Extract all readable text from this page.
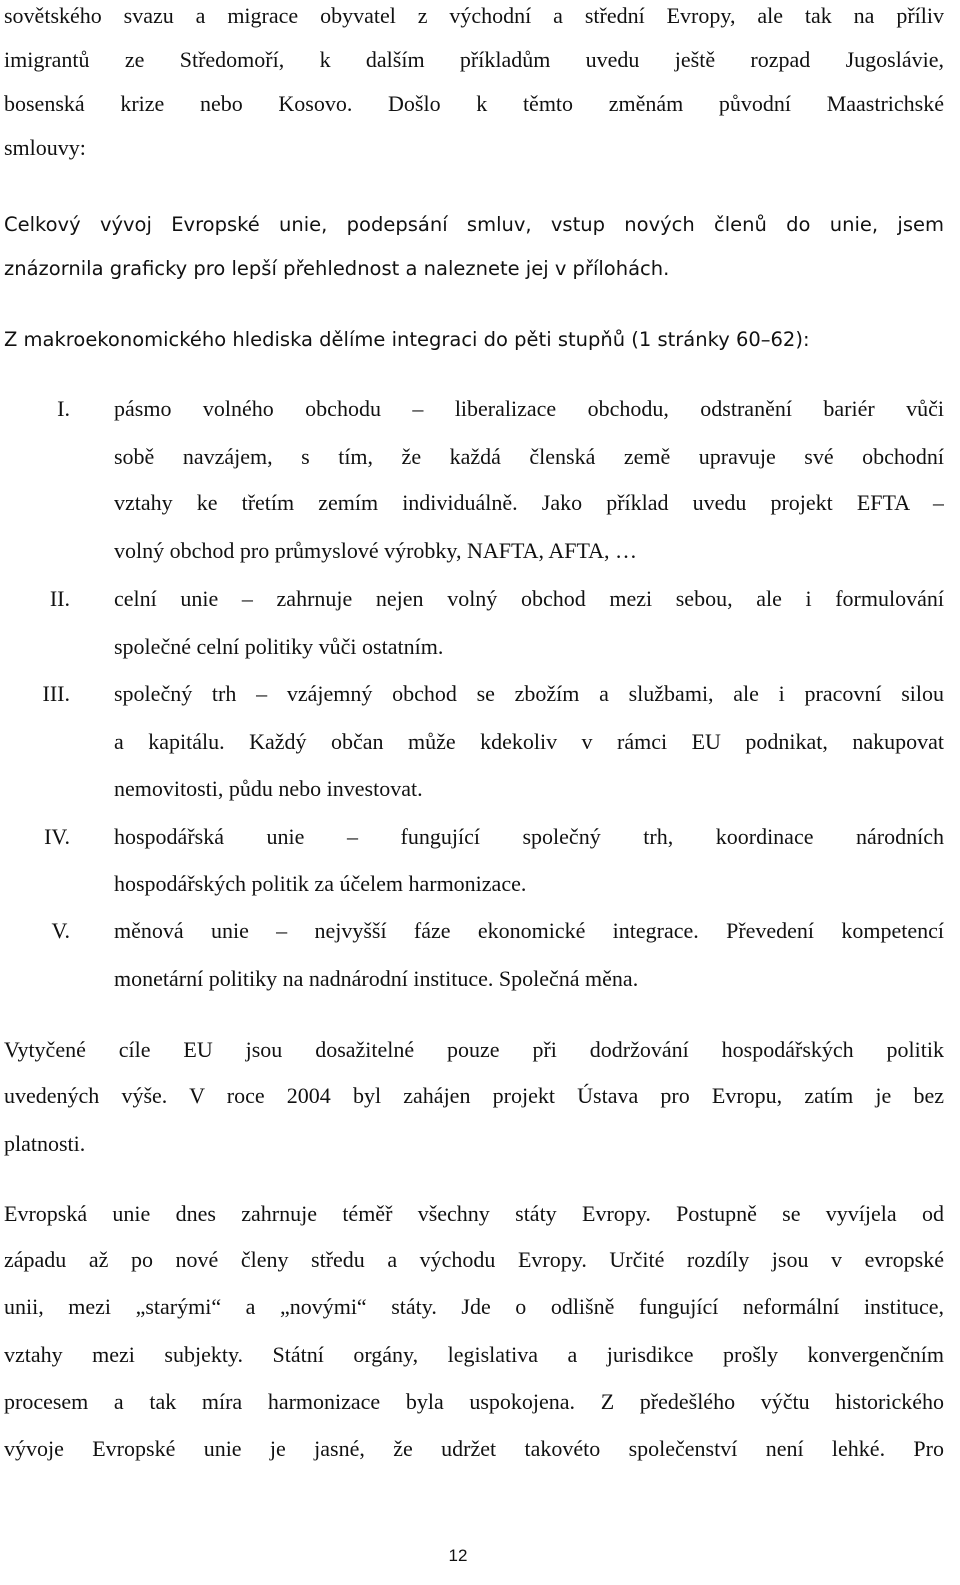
sovětského svazu a migrace obyvatel z východní a střední Evropy, ale tak na příliv

imigrantů ze Středomoří, k dalším příkladům uvedu ještě rozpad Jugoslávie,

bosenská krize nebo Kosovo. Došlo k těmto změnám původní Maastrichské

smlouvy:

Celkový vývoj Evropské unie, podepsání smluv, vstup nových členů do unie, jsem

znázornila graficky pro lepší přehlednost a naleznete jej v přílohách.

Z makroekonomického hlediska dělíme integraci do pěti stupňů (1 stránky 60–62):

I. pásmo volného obchodu – liberalizace obchodu, odstranění bariér vůči

sobě navzájem, s tím, že každá členská země upravuje své obchodní

vztahy ke třetím zemím individuálně. Jako příklad uvedu projekt EFTA –

volný obchod pro průmyslové výrobky, NAFTA, AFTA, …

II. celní unie – zahrnuje nejen volný obchod mezi sebou, ale i formulování

společné celní politiky vůči ostatním.

III. společný trh – vzájemný obchod se zbožím a službami, ale i pracovní silou

a kapitálu. Každý občan může kdekoliv v rámci EU podnikat, nakupovat

nemovitosti, půdu nebo investovat.

IV. hospodářská unie – fungující společný trh, koordinace národních

hospodářských politik za účelem harmonizace.

V. měnová unie – nejvyšší fáze ekonomické integrace. Převedení kompetencí

monetární politiky na nadnárodní instituce. Společná měna.

Vytyčené cíle EU jsou dosažitelné pouze při dodržování hospodářských politik

uvedených výše. V roce 2004 byl zahájen projekt Ústava pro Evropu, zatím je bez

platnosti.

Evropská unie dnes zahrnuje téměř všechny státy Evropy. Postupně se vyvíjela od

západu až po nové členy středu a východu Evropy. Určité rozdíly jsou v evropské

unii, mezi „starými“ a „novými“ státy. Jde o odlišně fungující neformální instituce,

vztahy mezi subjekty. Státní orgány, legislativa a jurisdikce prošly konvergenčním

procesem a tak míra harmonizace byla uspokojena. Z předešlého výčtu historického

vývoje Evropské unie je jasné, že udržet takovéto společenství není lehké. Pro

12
